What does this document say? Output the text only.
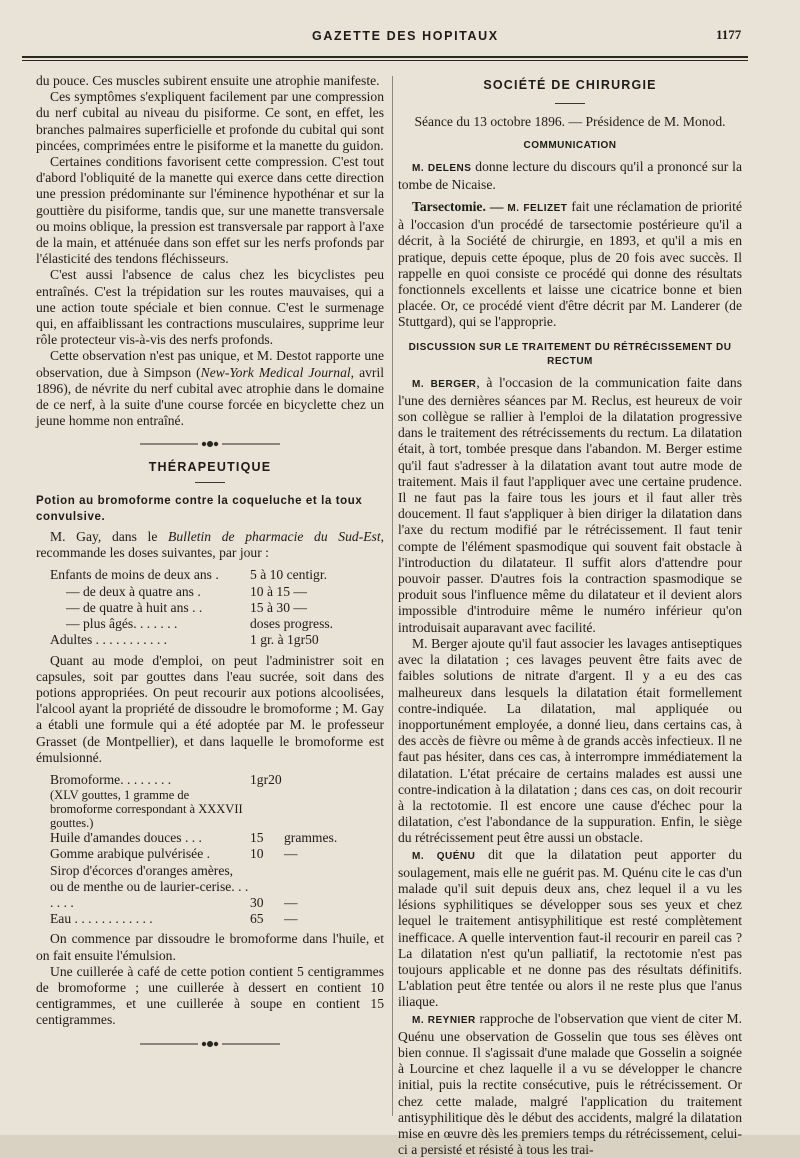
GAZETTE DES HOPITAUX	1177

du pouce. Ces muscles subirent ensuite une atrophie manifeste.

Ces symptômes s'expliquent facilement par une compression du nerf cubital au niveau du pisiforme. Ce sont, en effet, les branches palmaires superficielle et profonde du cubital qui sont pincées, comprimées entre le pisiforme et la manette du guidon.

Certaines conditions favorisent cette compression. C'est tout d'abord l'obliquité de la manette qui exerce dans cette direction une pression prédominante sur l'éminence hypothénar et sur la gouttière du pisiforme, tandis que, sur une manette transversale ou moins oblique, la pression est transversale par rapport à l'axe de la main, et atténuée dans son effet sur les nerfs profonds par l'élasticité des tendons fléchisseurs.

C'est aussi l'absence de calus chez les bicyclistes peu entraînés. C'est la trépidation sur les routes mauvaises, qui a une action toute spéciale et bien connue. C'est le surmenage qui, en affaiblissant les contractions musculaires, supprime leur rôle protecteur vis-à-vis des nerfs profonds.

Cette observation n'est pas unique, et M. Destot rapporte une observation, due à Simpson (New-York Medical Journal, avril 1896), de névrite du nerf cubital avec atrophie dans le domaine de ce nerf, à la suite d'une course forcée en bicyclette chez un jeune homme non entraîné.

THÉRAPEUTIQUE
Potion au bromoforme contre la coqueluche et la toux convulsive.

M. Gay, dans le Bulletin de pharmacie du Sud-Est, recommande les doses suivantes, par jour :

Enfants de moins de deux ans .	5 à 10 centigr.
— de deux à quatre ans .	10 à 15 —
— de quatre à huit ans . .	15 à 30 —
— plus âgés. . . . . . .	doses progress.
Adultes . . . . . . . . . . .	1 gr. à 1gr50

Quant au mode d'emploi, on peut l'administrer soit en capsules, soit par gouttes dans l'eau sucrée, soit dans des potions appropriées. On peut recourir aux potions alcoolisées, l'alcool ayant la propriété de dissoudre le bromoforme ; M. Gay a établi une formule qui a été adoptée par M. le professeur Grasset (de Montpellier), et dans laquelle le bromoforme est émulsionné.

Bromoforme. . . . . . . .	1gr20	
(XLV gouttes, 1 gramme de bromoforme correspondant à XXXVII gouttes.)		
Huile d'amandes douces . . .	15	grammes.
Gomme arabique pulvérisée .	10	—
Sirop d'écorces d'oranges amères, ou de menthe ou de laurier-cerise. . . . . . .	30	—
Eau . . . . . . . . . . . .	65	—

On commence par dissoudre le bromoforme dans l'huile, et on fait ensuite l'émulsion.

Une cuillerée à café de cette potion contient 5 centigrammes de bromoforme ; une cuillerée à dessert en contient 10 centigrammes, et une cuillerée à soupe en contient 15 centigrammes.

SOCIÉTÉ DE CHIRURGIE

Séance du 13 octobre 1896. — Présidence de M. Monod.

COMMUNICATION

M. DELENS donne lecture du discours qu'il a prononcé sur la tombe de Nicaise.

Tarsectomie. — M. FELIZET fait une réclamation de priorité à l'occasion d'un procédé de tarsectomie postérieure qu'il a décrit, à la Société de chirurgie, en 1893, et qu'il a mis en pratique, depuis cette époque, plus de 20 fois avec succès. Il rappelle en quoi consiste ce procédé qui donne des résultats fonctionnels excellents et laisse une cicatrice bonne et bien placée. Or, ce procédé vient d'être décrit par M. Landerer (de Stuttgard), qui se l'approprie.

DISCUSSION SUR LE TRAITEMENT DU RÉTRÉCISSEMENT DU RECTUM

M. BERGER, à l'occasion de la communication faite dans l'une des dernières séances par M. Reclus, est heureux de voir son collègue se rallier à l'emploi de la dilatation progressive dans le traitement des rétrécissements du rectum. La dilatation était, à tort, tombée presque dans l'abandon. M. Berger estime qu'il faut s'adresser à la dilatation avant tout autre mode de traitement. Mais il faut l'appliquer avec une certaine prudence. Il ne faut pas la faire tous les jours et il faut aller très doucement. Il faut s'appliquer à bien diriger la dilatation dans l'axe du rectum modifié par le rétrécissement. Il faut tenir compte de l'élément spasmodique qui souvent fait obstacle à l'introduction du dilatateur. Il suffit alors d'attendre pour pouvoir passer. D'autres fois la contraction spasmodique se produit sous l'influence même du dilatateur et il devient alors impossible d'introduire même le numéro inférieur qu'on introduisait auparavant avec facilité.

M. Berger ajoute qu'il faut associer les lavages antiseptiques avec la dilatation ; ces lavages peuvent être faits avec de faibles solutions de nitrate d'argent. Il y a eu des cas malheureux dans lesquels la dilatation était formellement contre-indiquée. La dilatation, mal appliquée ou inopportunément employée, a donné lieu, dans certains cas, à des accès de fièvre ou même à de grands accès infectieux. Il ne faut pas hésiter, dans ces cas, à interrompre immédiatement la dilatation. L'état précaire de certains malades est aussi une contre-indication à la dilatation ; dans ces cas, on doit recourir à la rectotomie. Il est encore une cause d'échec pour la dilatation, c'est l'abondance de la suppuration. Enfin, le siège du rétrécissement peut être aussi un obstacle.

M. QUÉNU dit que la dilatation peut apporter du soulagement, mais elle ne guérit pas. M. Quénu cite le cas d'un malade qu'il suit depuis deux ans, chez lequel il a vu les lésions syphilitiques se développer sous ses yeux et chez lequel le traitement antisyphilitique est resté complètement inefficace. A quelle intervention faut-il recourir en pareil cas ? La dilatation n'est qu'un palliatif, la rectotomie n'est pas toujours applicable et ne donne pas des résultats définitifs. L'ablation peut être tentée ou alors il ne reste plus que l'anus iliaque.

M. REYNIER rapproche de l'observation que vient de citer M. Quénu une observation de Gosselin que tous ses élèves ont bien connue. Il s'agissait d'une malade que Gosselin a soignée à Lourcine et chez laquelle il a vu se développer le chancre initial, puis la rectite consécutive, puis le rétrécissement. Or chez cette malade, malgré l'application du traitement antisyphilitique dès le début des accidents, malgré la dilatation mise en œuvre dès les premiers temps du rétrécissement, celui-ci a persisté et résisté à tous les trai-
